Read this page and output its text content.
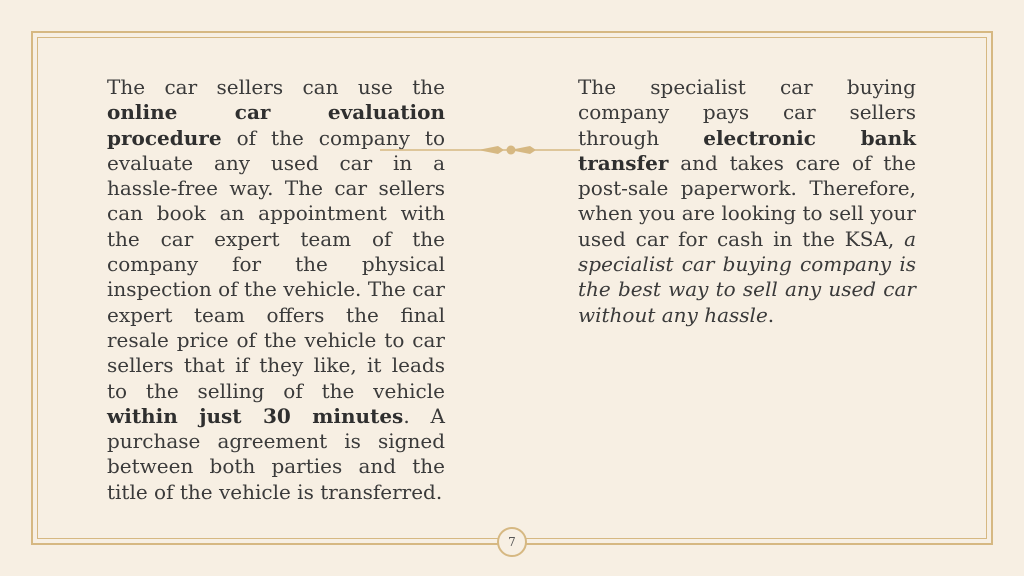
The car sellers can use the online car evaluation procedure of the company to evaluate any used car in a hassle-free way. The car sellers can book an appointment with the car expert team of the company for the physical inspection of the vehicle. The car expert team offers the final resale price of the vehicle to car sellers that if they like, it leads to the selling of the vehicle within just 30 minutes. A purchase agreement is signed between both parties and the title of the vehicle is transferred.
The specialist car buying company pays car sellers through electronic bank transfer and takes care of the post-sale paperwork. Therefore, when you are looking to sell your used car for cash in the KSA, a specialist car buying company is the best way to sell any used car without any hassle.
7
